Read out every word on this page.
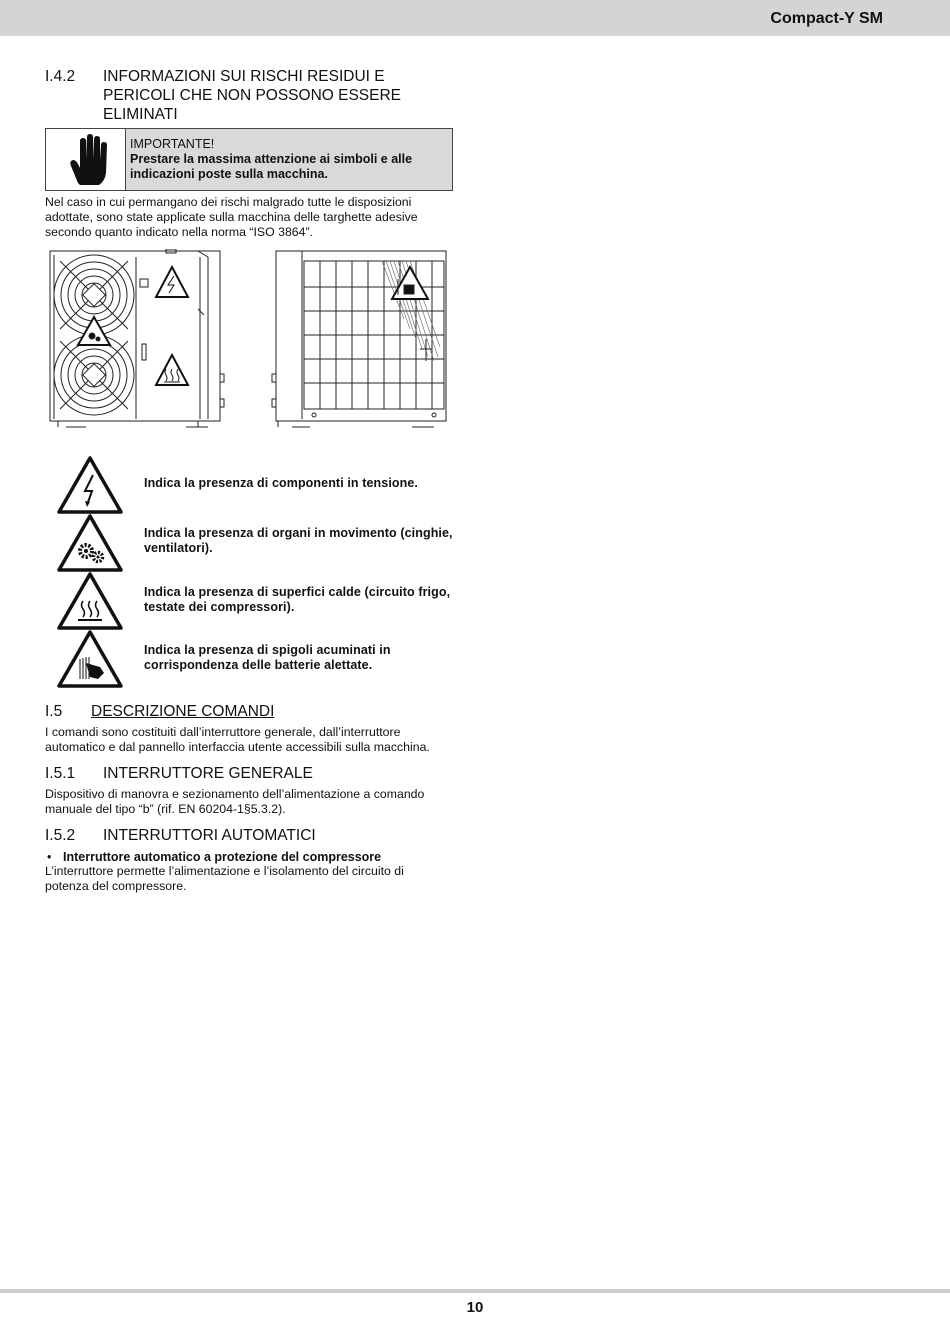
Compact-Y SM
I.4.2 INFORMAZIONI SUI RISCHI RESIDUI E PERICOLI CHE NON POSSONO ESSERE ELIMINATI
IMPORTANTE!
Prestare la massima attenzione ai simboli e alle indicazioni poste sulla macchina.
Nel caso in cui permangano dei rischi malgrado tutte le disposizioni adottate, sono state applicate sulla macchina delle targhette adesive secondo quanto indicato nella norma “ISO 3864”.
Indica la presenza di componenti in tensione.
Indica la presenza di organi in movimento (cinghie, ventilatori).
Indica la presenza di superfici calde (circuito frigo, testate dei compressori).
Indica la presenza di spigoli acuminati in corrispondenza delle batterie alettate.
I.5 DESCRIZIONE COMANDI
I comandi sono costituiti dall’interruttore generale, dall’interruttore automatico e dal pannello interfaccia utente accessibili sulla macchina.
I.5.1 INTERRUTTORE GENERALE
Dispositivo di manovra e sezionamento dell’alimentazione a comando manuale del tipo “b” (rif. EN 60204-1§5.3.2).
I.5.2 INTERRUTTORI AUTOMATICI
• Interruttore automatico a protezione del compressore
L’interruttore permette l’alimentazione e l’isolamento del circuito di potenza del compressore.
10
